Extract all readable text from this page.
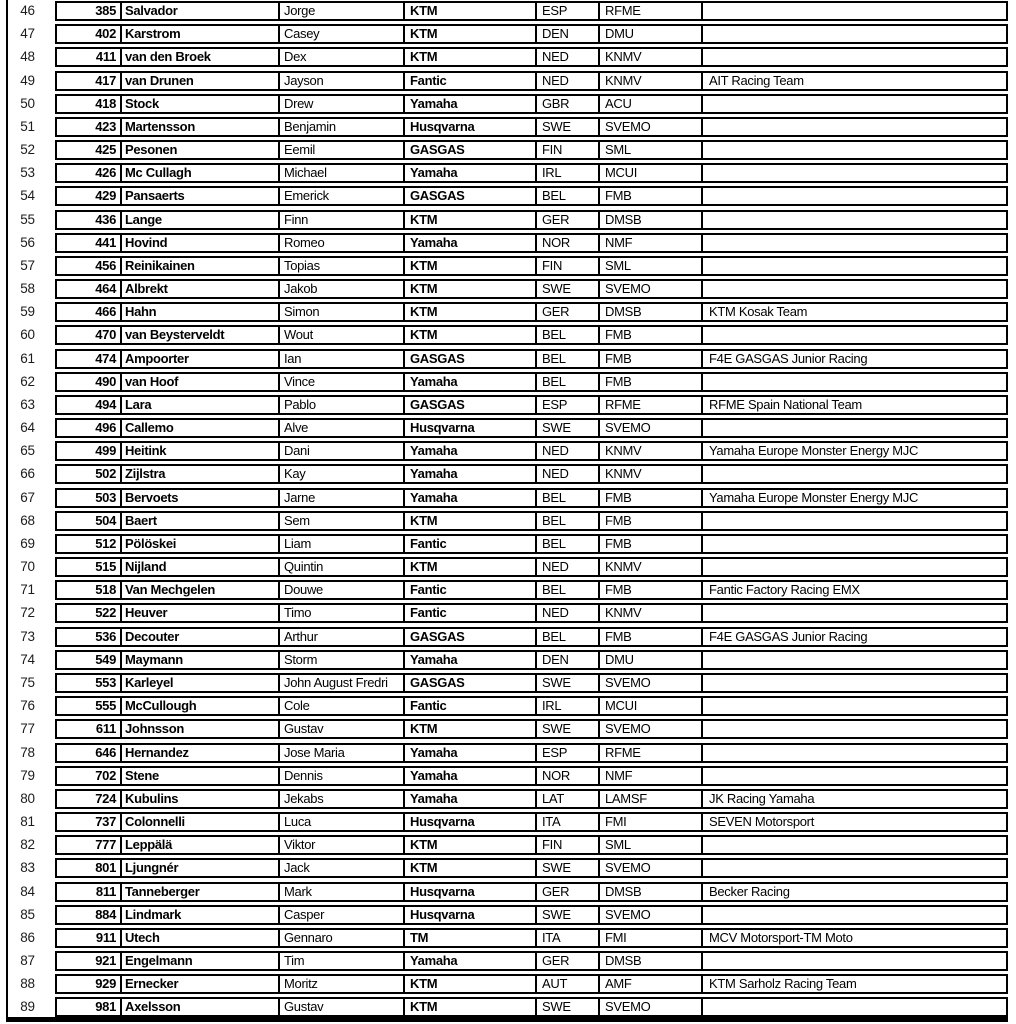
46	385 Salvador	Jorge	KTM	ESP	RFME
47	402 Karstrom	Casey	KTM	DEN	DMU
48	411 van den Broek	Dex	KTM	NED	KNMV
49	417 van Drunen	Jayson	Fantic	NED	KNMV	AIT Racing Team
50	418 Stock	Drew	Yamaha	GBR	ACU
51	423 Martensson	Benjamin	Husqvarna	SWE	SVEMO
52	425 Pesonen	Eemil	GASGAS	FIN	SML
53	426 Mc Cullagh	Michael	Yamaha	IRL	MCUI
54	429 Pansaerts	Emerick	GASGAS	BEL	FMB
55	436 Lange	Finn	KTM	GER	DMSB
56	441 Hovind	Romeo	Yamaha	NOR	NMF
57	456 Reinikainen	Topias	KTM	FIN	SML
58	464 Albrekt	Jakob	KTM	SWE	SVEMO
59	466 Hahn	Simon	KTM	GER	DMSB	KTM Kosak Team
60	470 van Beysterveldt	Wout	KTM	BEL	FMB
61	474 Ampoorter	Ian	GASGAS	BEL	FMB	F4E GASGAS Junior Racing
62	490 van Hoof	Vince	Yamaha	BEL	FMB
63	494 Lara	Pablo	GASGAS	ESP	RFME	RFME Spain National Team
64	496 Callemo	Alve	Husqvarna	SWE	SVEMO
65	499 Heitink	Dani	Yamaha	NED	KNMV	Yamaha Europe Monster Energy MJC
66	502 Zijlstra	Kay	Yamaha	NED	KNMV
67	503 Bervoets	Jarne	Yamaha	BEL	FMB	Yamaha Europe Monster Energy MJC
68	504 Baert	Sem	KTM	BEL	FMB
69	512 Pölöskei	Liam	Fantic	BEL	FMB
70	515 Nijland	Quintin	KTM	NED	KNMV
71	518 Van Mechgelen	Douwe	Fantic	BEL	FMB	Fantic Factory Racing EMX
72	522 Heuver	Timo	Fantic	NED	KNMV
73	536 Decouter	Arthur	GASGAS	BEL	FMB	F4E GASGAS Junior Racing
74	549 Maymann	Storm	Yamaha	DEN	DMU
75	553 Karleyel	John August Fredri	GASGAS	SWE	SVEMO
76	555 McCullough	Cole	Fantic	IRL	MCUI
77	611 Johnsson	Gustav	KTM	SWE	SVEMO
78	646 Hernandez	Jose Maria	Yamaha	ESP	RFME
79	702 Stene	Dennis	Yamaha	NOR	NMF
80	724 Kubulins	Jekabs	Yamaha	LAT	LAMSF	JK Racing Yamaha
81	737 Colonnelli	Luca	Husqvarna	ITA	FMI	SEVEN Motorsport
82	777 Leppälä	Viktor	KTM	FIN	SML
83	801 Ljungnér	Jack	KTM	SWE	SVEMO
84	811 Tanneberger	Mark	Husqvarna	GER	DMSB	Becker Racing
85	884 Lindmark	Casper	Husqvarna	SWE	SVEMO
86	911 Utech	Gennaro	TM	ITA	FMI	MCV Motorsport-TM Moto
87	921 Engelmann	Tim	Yamaha	GER	DMSB
88	929 Ernecker	Moritz	KTM	AUT	AMF	KTM Sarholz Racing Team
89	981 Axelsson	Gustav	KTM	SWE	SVEMO
